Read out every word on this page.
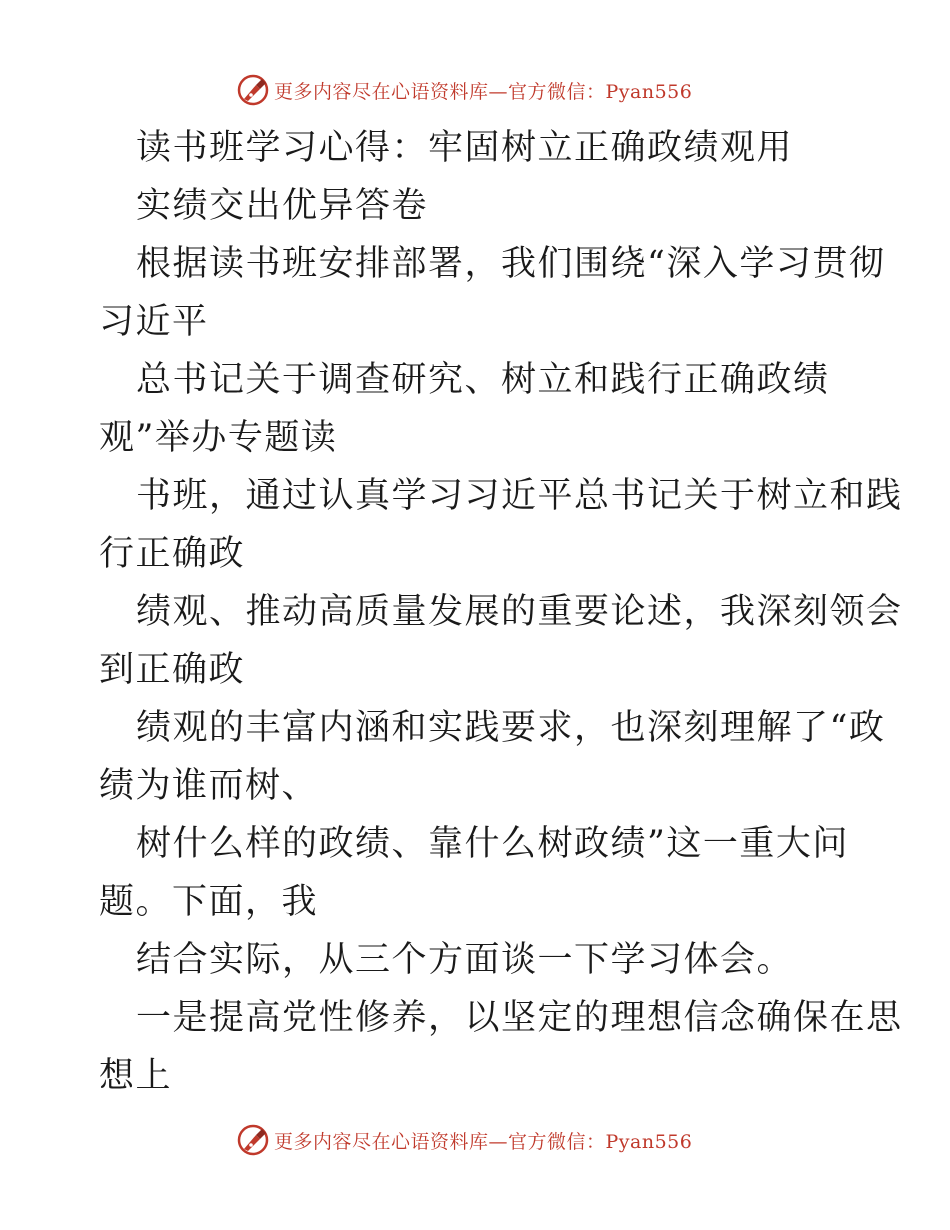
更多内容尽在心语资料库—官方微信：Pyan556
读书班学习心得：牢固树立正确政绩观用
实绩交出优异答卷
根据读书班安排部署，我们围绕“深入学习贯彻
习近平
总书记关于调查研究、树立和践行正确政绩
观”举办专题读
书班，通过认真学习习近平总书记关于树立和践
行正确政
绩观、推动高质量发展的重要论述，我深刻领会
到正确政
绩观的丰富内涵和实践要求，也深刻理解了“政
绩为谁而树、
树什么样的政绩、靠什么树政绩”这一重大问
题。下面，我
结合实际，从三个方面谈一下学习体会。
一是提高党性修养，以坚定的理想信念确保在思
想上
更多内容尽在心语资料库—官方微信：Pyan556
